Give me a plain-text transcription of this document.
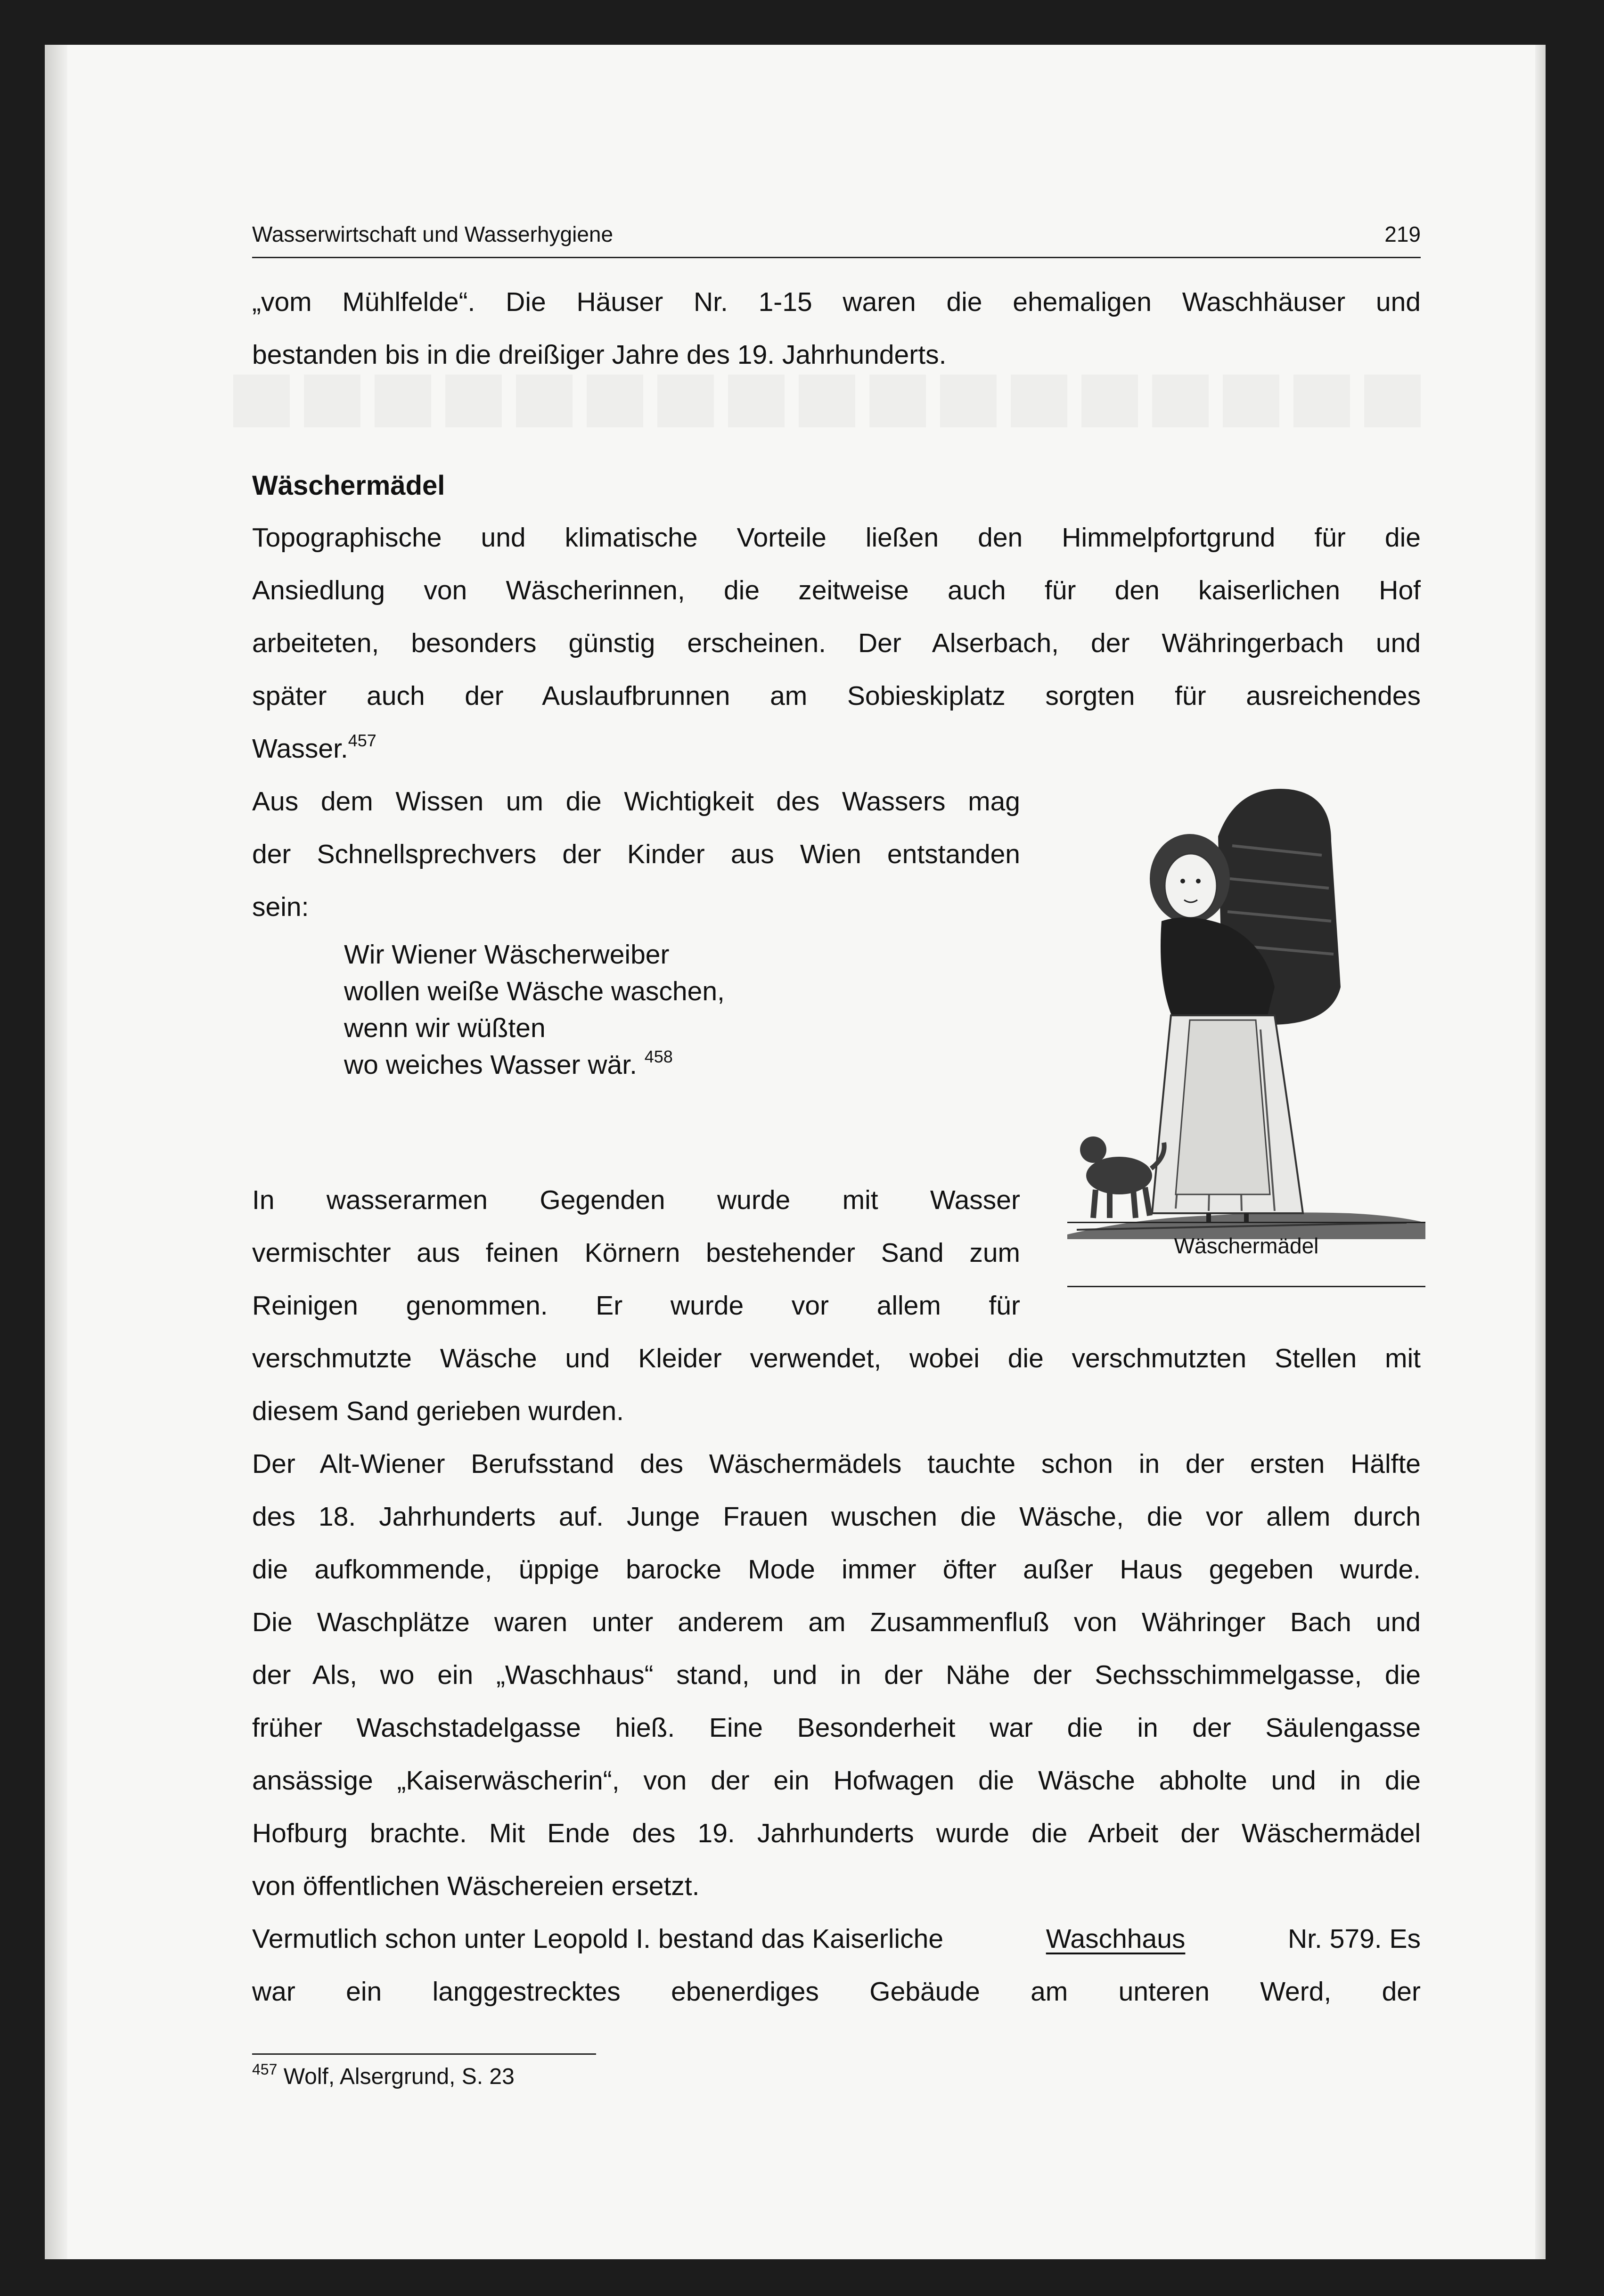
Wasserwirtschaft und Wasserhygiene	219
„vom Mühlfelde“. Die Häuser Nr. 1-15 waren die ehemaligen Waschhäuser und
bestanden bis in die dreißiger Jahre des 19. Jahrhunderts.
Wäschermädel
Topographische und klimatische Vorteile ließen den Himmelpfortgrund für die
Ansiedlung von Wäscherinnen, die zeitweise auch für den kaiserlichen Hof
arbeiteten, besonders günstig erscheinen. Der Alserbach, der Währingerbach und
später auch der Auslaufbrunnen am Sobieskiplatz sorgten für ausreichendes
Wasser.$^{457}$
Aus dem Wissen um die Wichtigkeit des Wassers mag
der Schnellsprechvers der Kinder aus Wien entstanden
sein:
Wir Wiener Wäscherweiber
wollen weiße Wäsche waschen,
wenn wir wüßten
wo weiches Wasser wär. $^{458}$
In wasserarmen Gegenden wurde mit Wasser
vermischter aus feinen Körnern bestehender Sand zum
Reinigen genommen. Er wurde vor allem für
verschmutzte Wäsche und Kleider verwendet, wobei die verschmutzten Stellen mit
diesem Sand gerieben wurden.
Der Alt-Wiener Berufsstand des Wäschermädels tauchte schon in der ersten Hälfte
des 18. Jahrhunderts auf. Junge Frauen wuschen die Wäsche, die vor allem durch
die aufkommende, üppige barocke Mode immer öfter außer Haus gegeben wurde.
Die Waschplätze waren unter anderem am Zusammenfluß von Währinger Bach und
der Als, wo ein „Waschhaus“ stand, und in der Nähe der Sechsschimmelgasse, die
früher Waschstadelgasse hieß. Eine Besonderheit war die in der Säulengasse
ansässige „Kaiserwäscherin“, von der ein Hofwagen die Wäsche abholte und in die
Hofburg brachte. Mit Ende des 19. Jahrhunderts wurde die Arbeit der Wäschermädel
von öffentlichen Wäschereien ersetzt.
Vermutlich schon unter Leopold I. bestand das Kaiserliche	Waschhaus	Nr. 579. Es
war ein langgestrecktes ebenerdiges Gebäude am unteren Werd, der
$^{457}$ Wolf, Alsergrund, S. 23
Wäschermädel
